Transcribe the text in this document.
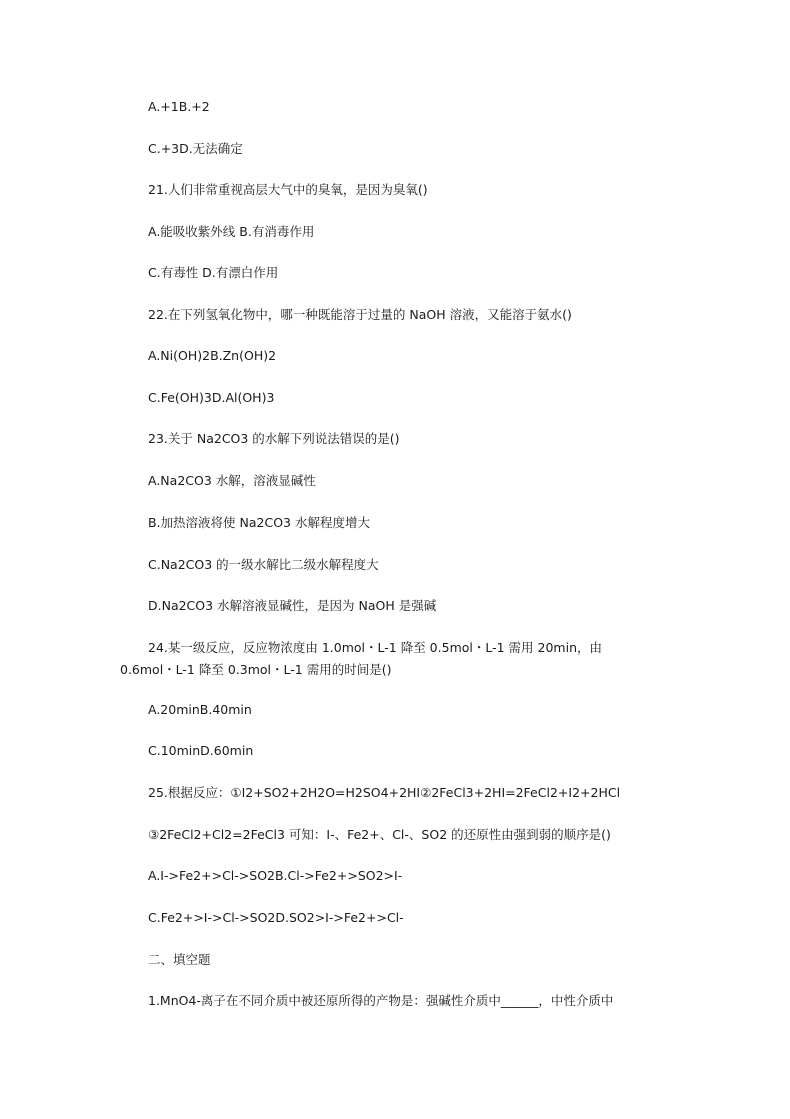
A.+1B.+2
C.+3D.无法确定
21.人们非常重视高层大气中的臭氧，是因为臭氧()
A.能吸收紫外线 B.有消毒作用
C.有毒性 D.有漂白作用
22.在下列氢氧化物中，哪一种既能溶于过量的 NaOH 溶液，又能溶于氨水()
A.Ni(OH)2B.Zn(OH)2
C.Fe(OH)3D.Al(OH)3
23.关于 Na2CO3 的水解下列说法错误的是()
A.Na2CO3 水解，溶液显碱性
B.加热溶液将使 Na2CO3 水解程度增大
C.Na2CO3 的一级水解比二级水解程度大
D.Na2CO3 水解溶液显碱性，是因为 NaOH 是强碱
24.某一级反应，反应物浓度由 1.0mol・L-1 降至 0.5mol・L-1 需用 20min，由
0.6mol・L-1 降至 0.3mol・L-1 需用的时间是()
A.20minB.40min
C.10minD.60min
25.根据反应：①I2+SO2+2H2O=H2SO4+2HI②2FeCl3+2HI=2FeCl2+I2+2HCl
③2FeCl2+Cl2=2FeCl3 可知：I-、Fe2+、Cl-、SO2 的还原性由强到弱的顺序是()
A.I->Fe2+>Cl->SO2B.Cl->Fe2+>SO2>I-
C.Fe2+>I->Cl->SO2D.SO2>I->Fe2+>Cl-
二、填空题
1.MnO4-离子在不同介质中被还原所得的产物是：强碱性介质中______，中性介质中
